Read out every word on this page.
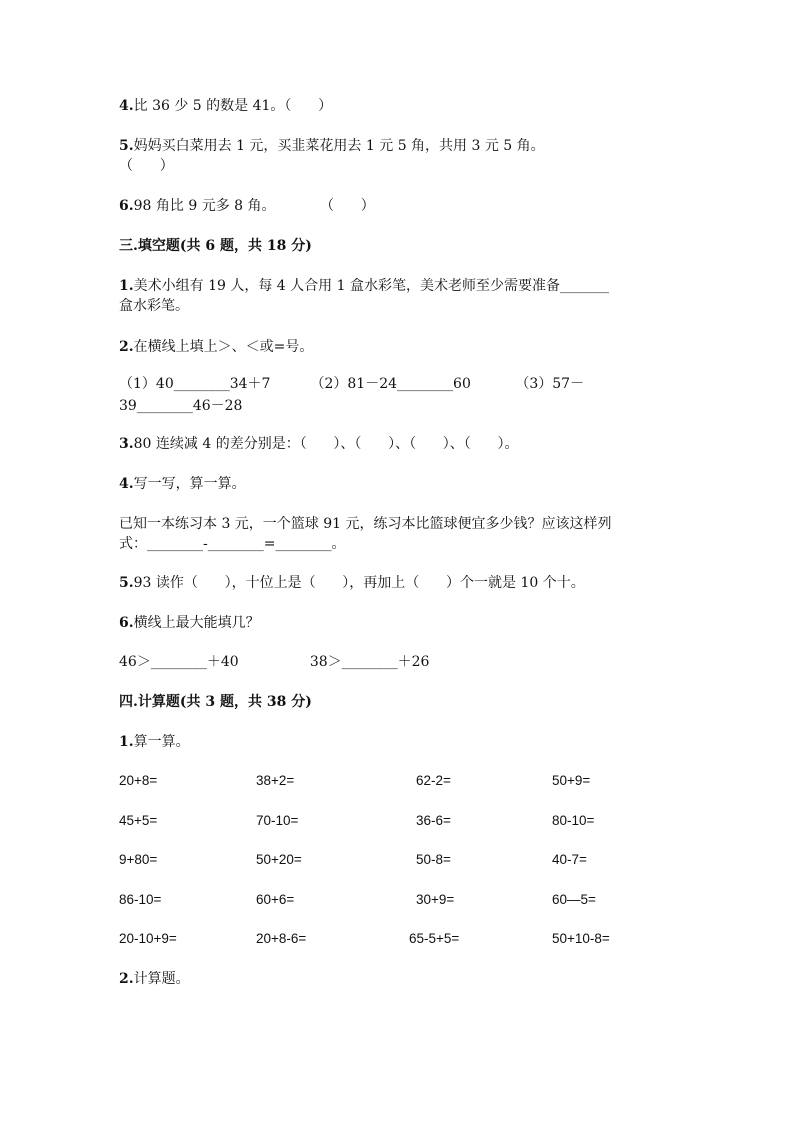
4.比 36 少 5 的数是 41。（      ）
5.妈妈买白菜用去 1 元，买韭菜花用去 1 元 5 角，共用 3 元 5 角。
（      ）
6.98 角比 9 元多 8 角。          （      ）
三.填空题(共 6 题，共 18 分)
1.美术小组有 19 人，每 4 人合用 1 盒水彩笔，美术老师至少需要准备_______
盒水彩笔。
2.在横线上填上＞、＜或=号。
（1）40________34＋7         （2）81－24________60          （3）57－
39________46－28
3.80 连续减 4 的差分别是：（      ）、（      ）、（      ）、（      ）。
4.写一写，算一算。
已知一本练习本 3 元，一个篮球 91 元，练习本比篮球便宜多少钱？应该这样列
式：________-________=________。
5.93 读作（      ），十位上是（      ），再加上（      ）个一就是 10 个十。
6.横线上最大能填几？
46＞________＋40                38＞________＋26
四.计算题(共 3 题，共 38 分)
1.算一算。
20+8=	38+2=	62-2=	50+9=
45+5=	70-10=	36-6=	80-10=
9+80=	50+20=	50-8=	40-7=
86-10=	60+6=	30+9=	60—5=
20-10+9=	20+8-6=	65-5+5=	50+10-8=
2.计算题。
